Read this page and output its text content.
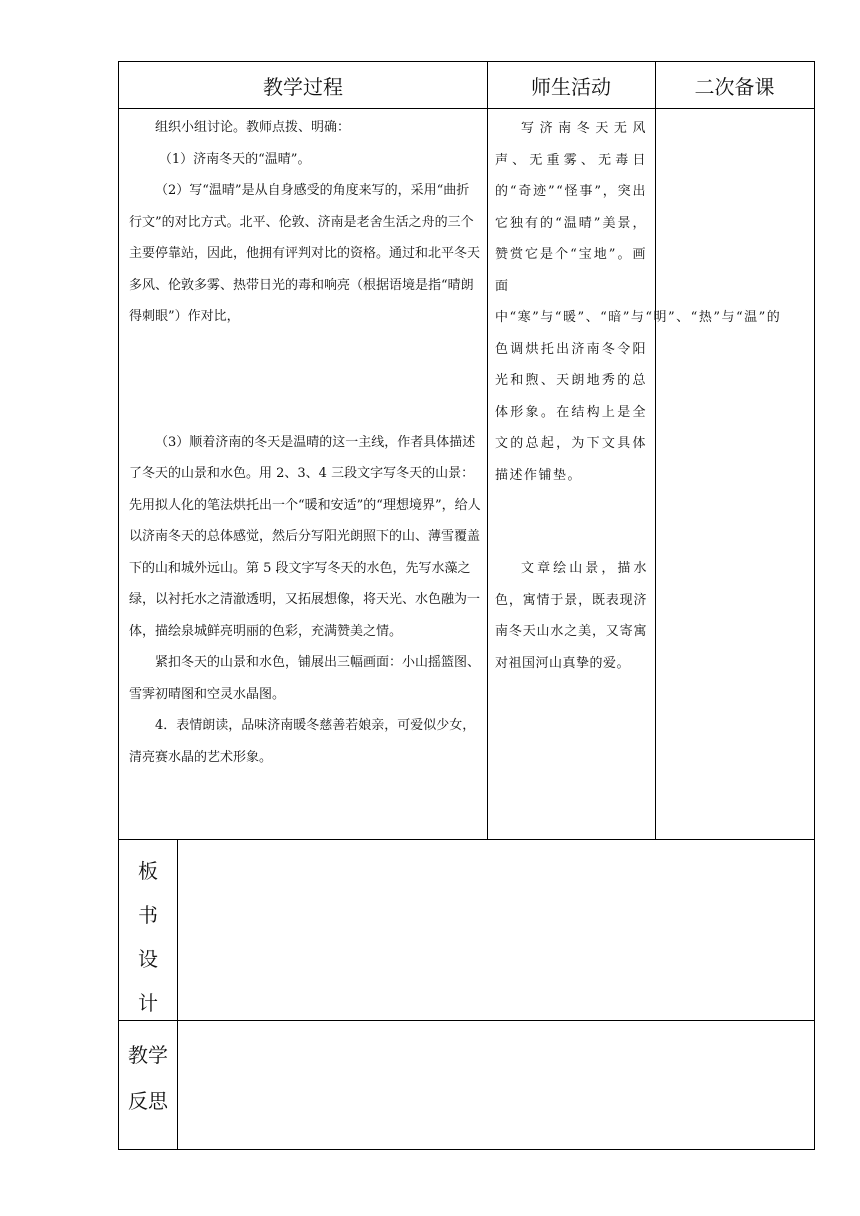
教学过程	师生活动	二次备课

组织小组讨论。教师点拨、明确：

（1）济南冬天的“温晴”。

（2）写“温晴”是从自身感受的角度来写的，采用“曲折行文”的对比方式。北平、伦敦、济南是老舍生活之舟的三个主要停靠站，因此，他拥有评判对比的资格。通过和北平冬天多风、伦敦多雾、热带日光的毒和响亮（根据语境是指“晴朗得刺眼”）作对比，

（3）顺着济南的冬天是温晴的这一主线，作者具体描述了冬天的山景和水色。用 2、3、4 三段文字写冬天的山景：先用拟人化的笔法烘托出一个“暖和安适”的“理想境界”，给人以济南冬天的总体感觉，然后分写阳光朗照下的山、薄雪覆盖下的山和城外远山。第 5 段文字写冬天的水色，先写水藻之绿，以衬托水之清澈透明，又拓展想像，将天光、水色融为一体，描绘泉城鲜亮明丽的色彩，充满赞美之情。

紧扣冬天的山景和水色，铺展出三幅画面：小山摇篮图、雪霁初晴图和空灵水晶图。

4．表情朗读，品味济南暖冬慈善若娘亲，可爱似少女，清亮赛水晶的艺术形象。

写济南冬天无风声、无重雾、无毒日的“奇迹”“怪事”，突出它独有的“温晴”美景，赞赏它是个“宝地”。画面中“寒”与“暖”、“暗”与“明”、“热”与“温”的色调烘托出济南冬令阳光和煦、天朗地秀的总体形象。在结构上是全文的总起，为下文具体描述作铺垫。

文章绘山景，描水色，寓情于景，既表现济南冬天山水之美，又寄寓对祖国河山真挚的爱。

板
书
设
计
教学
反思
